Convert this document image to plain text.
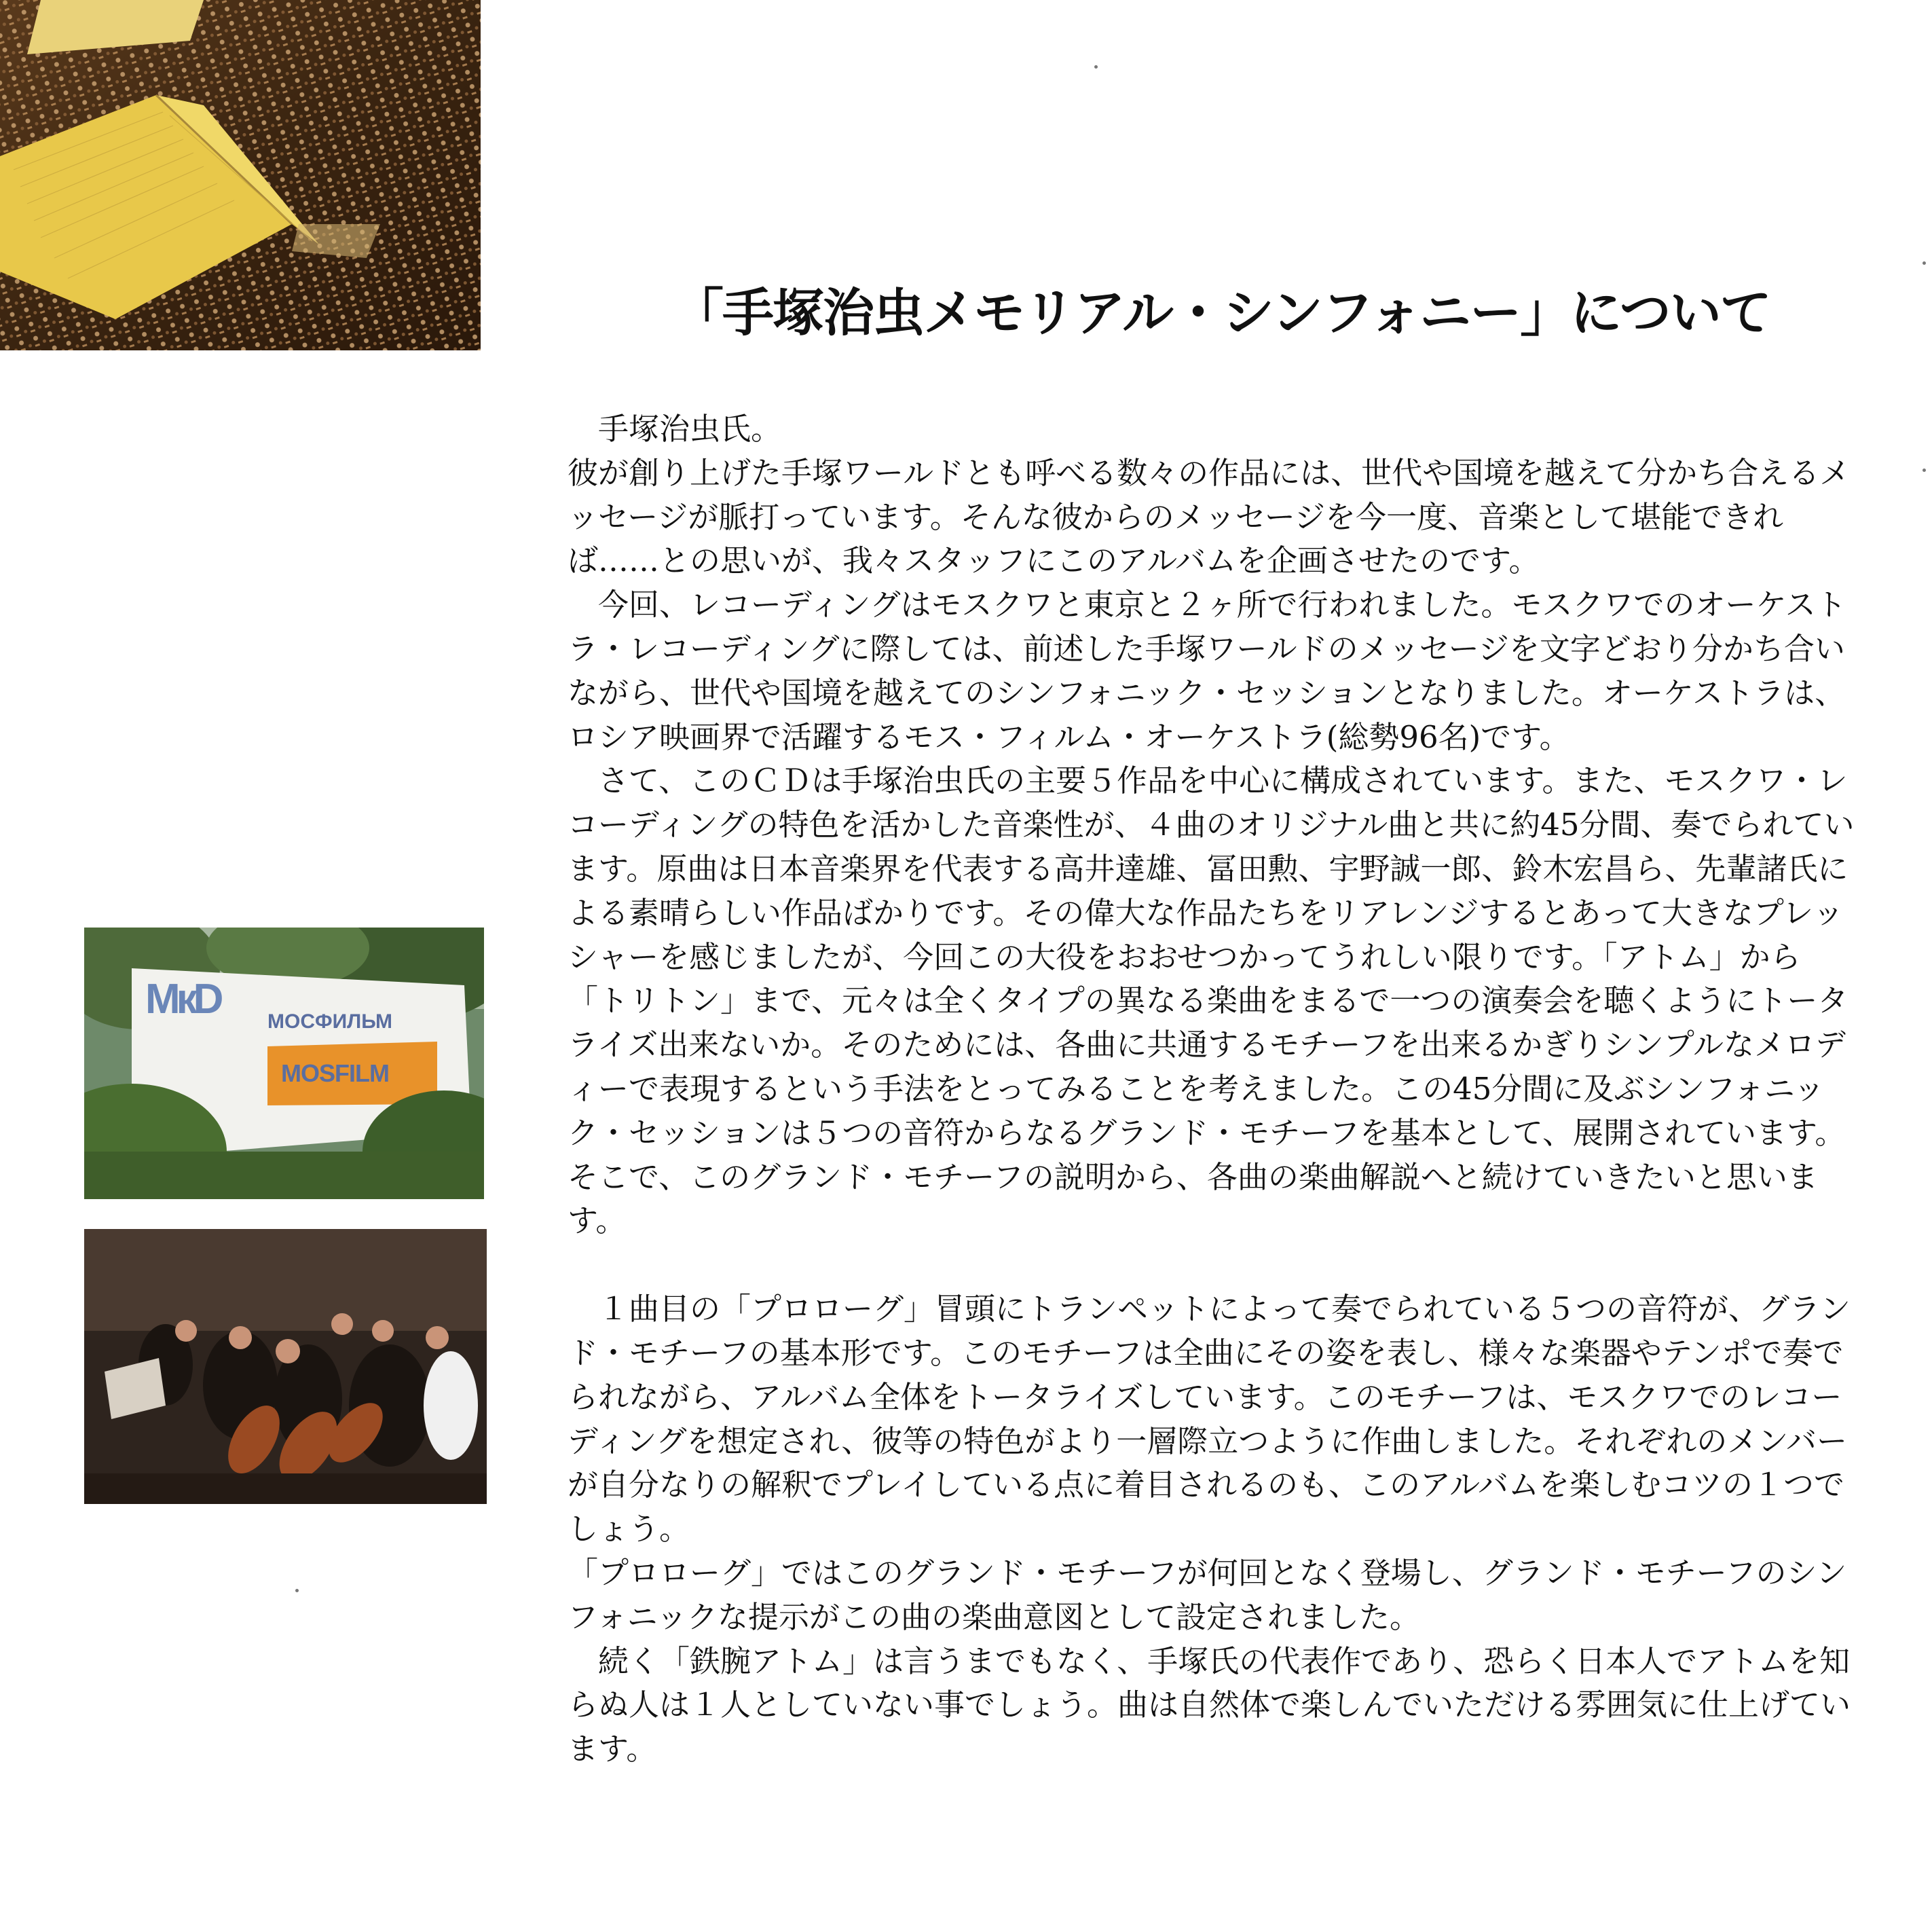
MкD МОСФИЛЬМ
MOSFILM
「手塚治虫メモリアル・シンフォニー」について

手塚治虫氏。

彼が創り上げた手塚ワールドとも呼べる数々の作品には、世代や国境を越えて分かち合えるメッセージが脈打っています。そんな彼からのメッセージを今一度、音楽として堪能できれば……との思いが、我々スタッフにこのアルバムを企画させたのです。

今回、レコーディングはモスクワと東京と２ヶ所で行われました。モスクワでのオーケストラ・レコーディングに際しては、前述した手塚ワールドのメッセージを文字どおり分かち合いながら、世代や国境を越えてのシンフォニック・セッションとなりました。オーケストラは、ロシア映画界で活躍するモス・フィルム・オーケストラ(総勢96名)です。

さて、このＣＤは手塚治虫氏の主要５作品を中心に構成されています。また、モスクワ・レコーディングの特色を活かした音楽性が、４曲のオリジナル曲と共に約45分間、奏でられています。原曲は日本音楽界を代表する高井達雄、冨田勲、宇野誠一郎、鈴木宏昌ら、先輩諸氏による素晴らしい作品ばかりです。その偉大な作品たちをリアレンジするとあって大きなプレッシャーを感じましたが、今回この大役をおおせつかってうれしい限りです。「アトム」から「トリトン」まで、元々は全くタイプの異なる楽曲をまるで一つの演奏会を聴くようにトータライズ出来ないか。そのためには、各曲に共通するモチーフを出来るかぎりシンプルなメロディーで表現するという手法をとってみることを考えました。この45分間に及ぶシンフォニック・セッションは５つの音符からなるグランド・モチーフを基本として、展開されています。そこで、このグランド・モチーフの説明から、各曲の楽曲解説へと続けていきたいと思います。

１曲目の「プロローグ」冒頭にトランペットによって奏でられている５つの音符が、グランド・モチーフの基本形です。このモチーフは全曲にその姿を表し、様々な楽器やテンポで奏でられながら、アルバム全体をトータライズしています。このモチーフは、モスクワでのレコーディングを想定され、彼等の特色がより一層際立つように作曲しました。それぞれのメンバーが自分なりの解釈でプレイしている点に着目されるのも、このアルバムを楽しむコツの１つでしょう。

「プロローグ」ではこのグランド・モチーフが何回となく登場し、グランド・モチーフのシンフォニックな提示がこの曲の楽曲意図として設定されました。

続く「鉄腕アトム」は言うまでもなく、手塚氏の代表作であり、恐らく日本人でアトムを知らぬ人は１人としていない事でしょう。曲は自然体で楽しんでいただける雰囲気に仕上げています。
